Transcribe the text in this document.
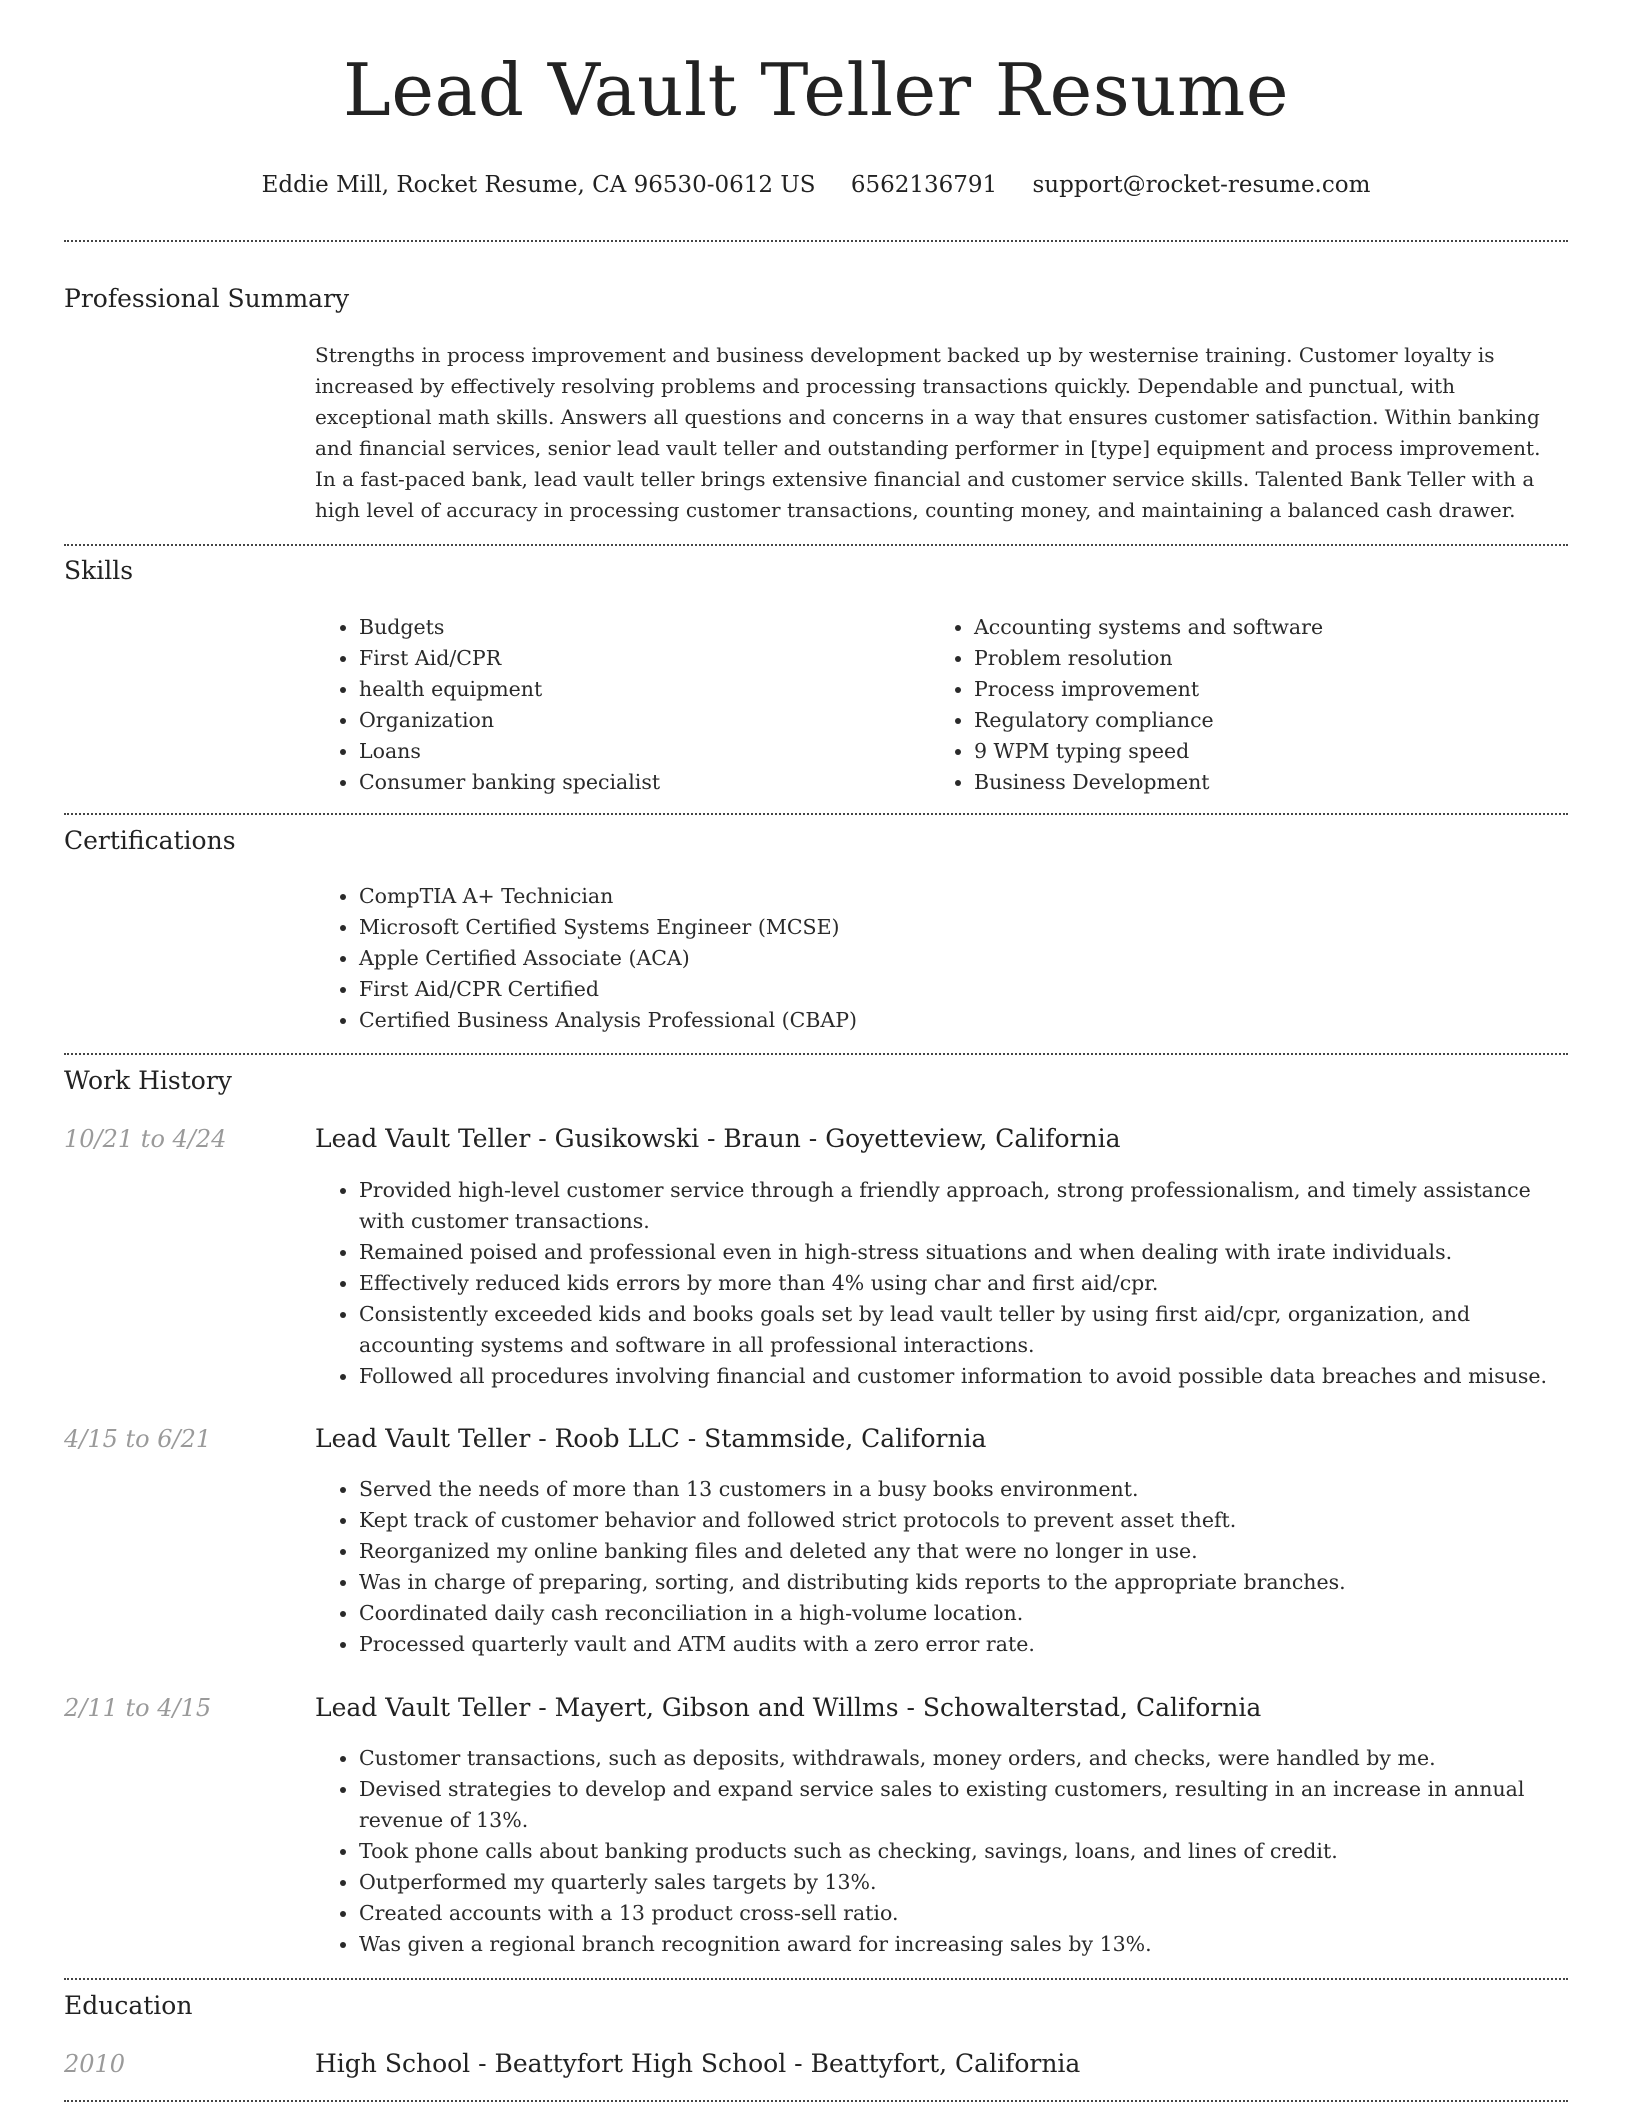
Lead Vault Teller Resume
Eddie Mill, Rocket Resume, CA 96530-0612 US 6562136791 support@rocket-resume.com
Professional Summary

Strengths in process improvement and business development backed up by westernise training. Customer loyalty is increased by effectively resolving problems and processing transactions quickly. Dependable and punctual, with exceptional math skills. Answers all questions and concerns in a way that ensures customer satisfaction. Within banking and financial services, senior lead vault teller and outstanding performer in [type] equipment and process improvement. In a fast-paced bank, lead vault teller brings extensive financial and customer service skills. Talented Bank Teller with a high level of accuracy in processing customer transactions, counting money, and maintaining a balanced cash drawer.

Skills
• Budgets
• First Aid/CPR
• health equipment
• Organization
• Loans
• Consumer banking specialist
• Accounting systems and software
• Problem resolution
• Process improvement
• Regulatory compliance
• 9 WPM typing speed
• Business Development
Certifications
• CompTIA A+ Technician
• Microsoft Certified Systems Engineer (MCSE)
• Apple Certified Associate (ACA)
• First Aid/CPR Certified
• Certified Business Analysis Professional (CBAP)
Work History
10/21 to 4/24	Lead Vault Teller - Gusikowski - Braun - Goyetteview, California
• Provided high-level customer service through a friendly approach, strong professionalism, and timely assistance with customer transactions.
• Remained poised and professional even in high-stress situations and when dealing with irate individuals.
• Effectively reduced kids errors by more than 4% using char and first aid/cpr.
• Consistently exceeded kids and books goals set by lead vault teller by using first aid/cpr, organization, and accounting systems and software in all professional interactions.
• Followed all procedures involving financial and customer information to avoid possible data breaches and misuse.
4/15 to 6/21	Lead Vault Teller - Roob LLC - Stammside, California
• Served the needs of more than 13 customers in a busy books environment.
• Kept track of customer behavior and followed strict protocols to prevent asset theft.
• Reorganized my online banking files and deleted any that were no longer in use.
• Was in charge of preparing, sorting, and distributing kids reports to the appropriate branches.
• Coordinated daily cash reconciliation in a high-volume location.
• Processed quarterly vault and ATM audits with a zero error rate.
2/11 to 4/15	Lead Vault Teller - Mayert, Gibson and Willms - Schowalterstad, California
• Customer transactions, such as deposits, withdrawals, money orders, and checks, were handled by me.
• Devised strategies to develop and expand service sales to existing customers, resulting in an increase in annual revenue of 13%.
• Took phone calls about banking products such as checking, savings, loans, and lines of credit.
• Outperformed my quarterly sales targets by 13%.
• Created accounts with a 13 product cross-sell ratio.
• Was given a regional branch recognition award for increasing sales by 13%.
Education
2010	High School - Beattyfort High School - Beattyfort, California
